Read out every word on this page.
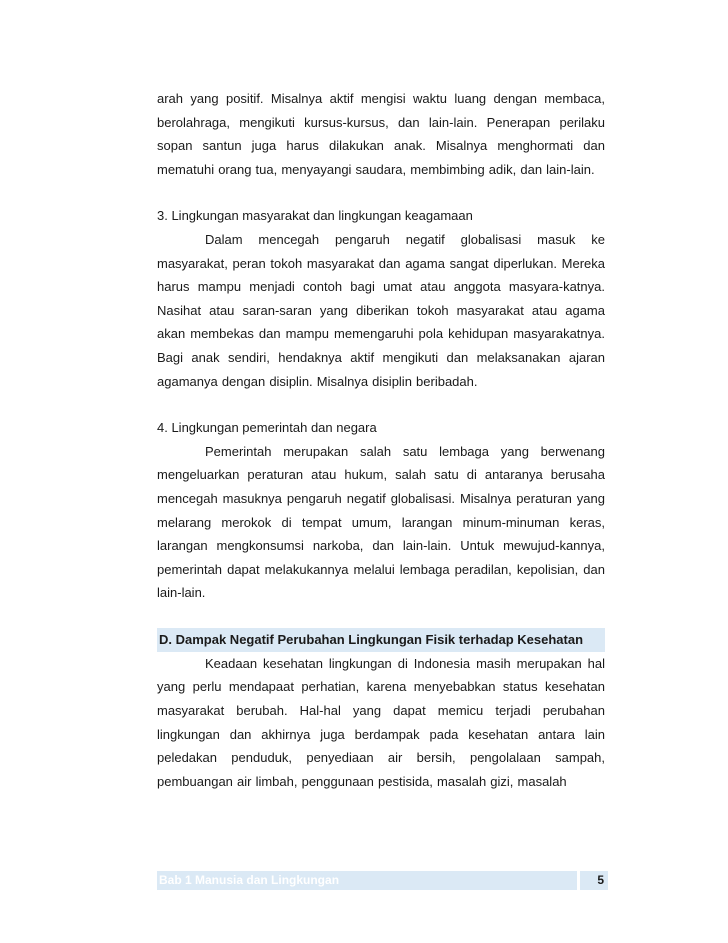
arah yang positif. Misalnya aktif mengisi waktu luang dengan membaca, berolahraga, mengikuti kursus-kursus, dan lain-lain. Penerapan perilaku sopan santun juga harus dilakukan anak. Misalnya menghormati dan mematuhi orang tua, menyayangi saudara, membimbing adik, dan lain-lain.

3. Lingkungan masyarakat dan lingkungan keagamaan

Dalam mencegah pengaruh negatif globalisasi masuk ke masyarakat, peran tokoh masyarakat dan agama sangat diperlukan. Mereka harus mampu menjadi contoh bagi umat atau anggota masyara-katnya. Nasihat atau saran-saran yang diberikan tokoh masyarakat atau agama akan membekas dan mampu memengaruhi pola kehidupan masyarakatnya. Bagi anak sendiri, hendaknya aktif mengikuti dan melaksanakan ajaran agamanya dengan disiplin. Misalnya disiplin beribadah.

4. Lingkungan pemerintah dan negara

Pemerintah merupakan salah satu lembaga yang berwenang mengeluarkan peraturan atau hukum, salah satu di antaranya berusaha mencegah masuknya pengaruh negatif globalisasi. Misalnya peraturan yang melarang merokok di tempat umum, larangan minum-minuman keras, larangan mengkonsumsi narkoba, dan lain-lain. Untuk mewujud-kannya, pemerintah dapat melakukannya melalui lembaga peradilan, kepolisian, dan lain-lain.

D. Dampak Negatif Perubahan Lingkungan Fisik terhadap Kesehatan

Keadaan kesehatan lingkungan di Indonesia masih merupakan hal yang perlu mendapaat perhatian, karena menyebabkan status kesehatan masyarakat berubah. Hal-hal yang dapat memicu terjadi perubahan lingkungan dan akhirnya juga berdampak pada kesehatan antara lain peledakan penduduk, penyediaan air bersih, pengolalaan sampah, pembuangan air limbah, penggunaan pestisida, masalah gizi, masalah

Bab 1 Manusia dan Lingkungan	5
